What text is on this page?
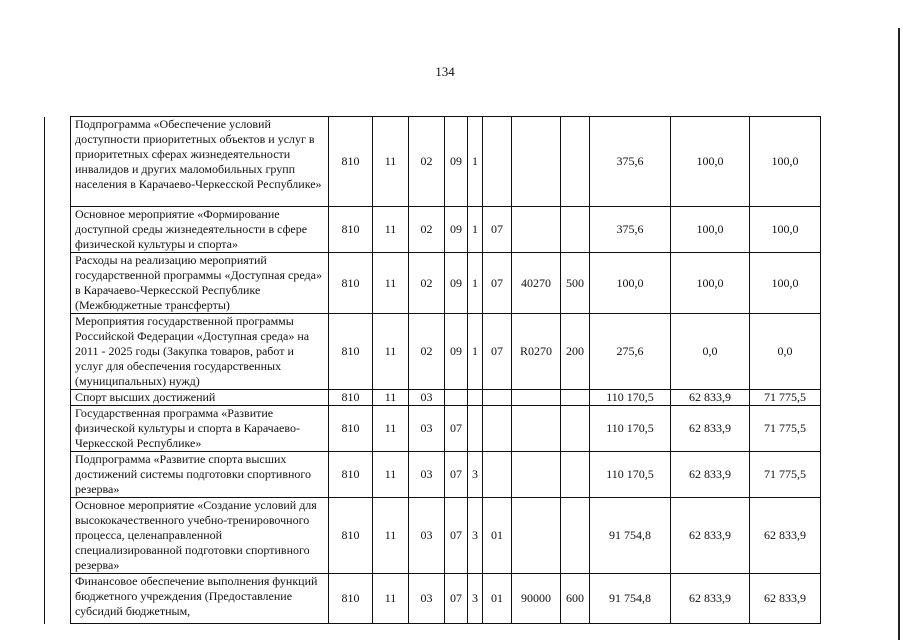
134
	Подпрограмма «Обеспечение условий доступности приоритетных объектов и услуг в приоритетных сферах жизнедеятельности инвалидов и других маломобильных групп населения в Карачаево-Черкесской Республике»	810	11	02	09	1				375,6	100,0	100,0
	Основное мероприятие «Формирование доступной среды жизнедеятельности в сфере физической культуры и спорта»	810	11	02	09	1	07			375,6	100,0	100,0
	Расходы на реализацию мероприятий государственной программы «Доступная среда» в Карачаево-Черкесской Республике (Межбюджетные трансферты)	810	11	02	09	1	07	40270	500	100,0	100,0	100,0
	Мероприятия государственной программы Российской Федерации «Доступная среда» на 2011 - 2025 годы (Закупка товаров, работ и услуг для обеспечения государственных (муниципальных) нужд)	810	11	02	09	1	07	R0270	200	275,6	0,0	0,0
	Спорт высших достижений	810	11	03						110 170,5	62 833,9	71 775,5
	Государственная программа «Развитие физической культуры и спорта в Карачаево-Черкесской Республике»	810	11	03	07					110 170,5	62 833,9	71 775,5
	Подпрограмма «Развитие спорта высших достижений системы подготовки спортивного резерва»	810	11	03	07	3				110 170,5	62 833,9	71 775,5
	Основное мероприятие «Создание условий для высококачественного учебно-тренировочного процесса, целенаправленной специализированной подготовки спортивного резерва»	810	11	03	07	3	01			91 754,8	62 833,9	62 833,9
	Финансовое обеспечение выполнения функций бюджетного учреждения (Предоставление субсидий бюджетным,	810	11	03	07	3	01	90000	600	91 754,8	62 833,9	62 833,9
